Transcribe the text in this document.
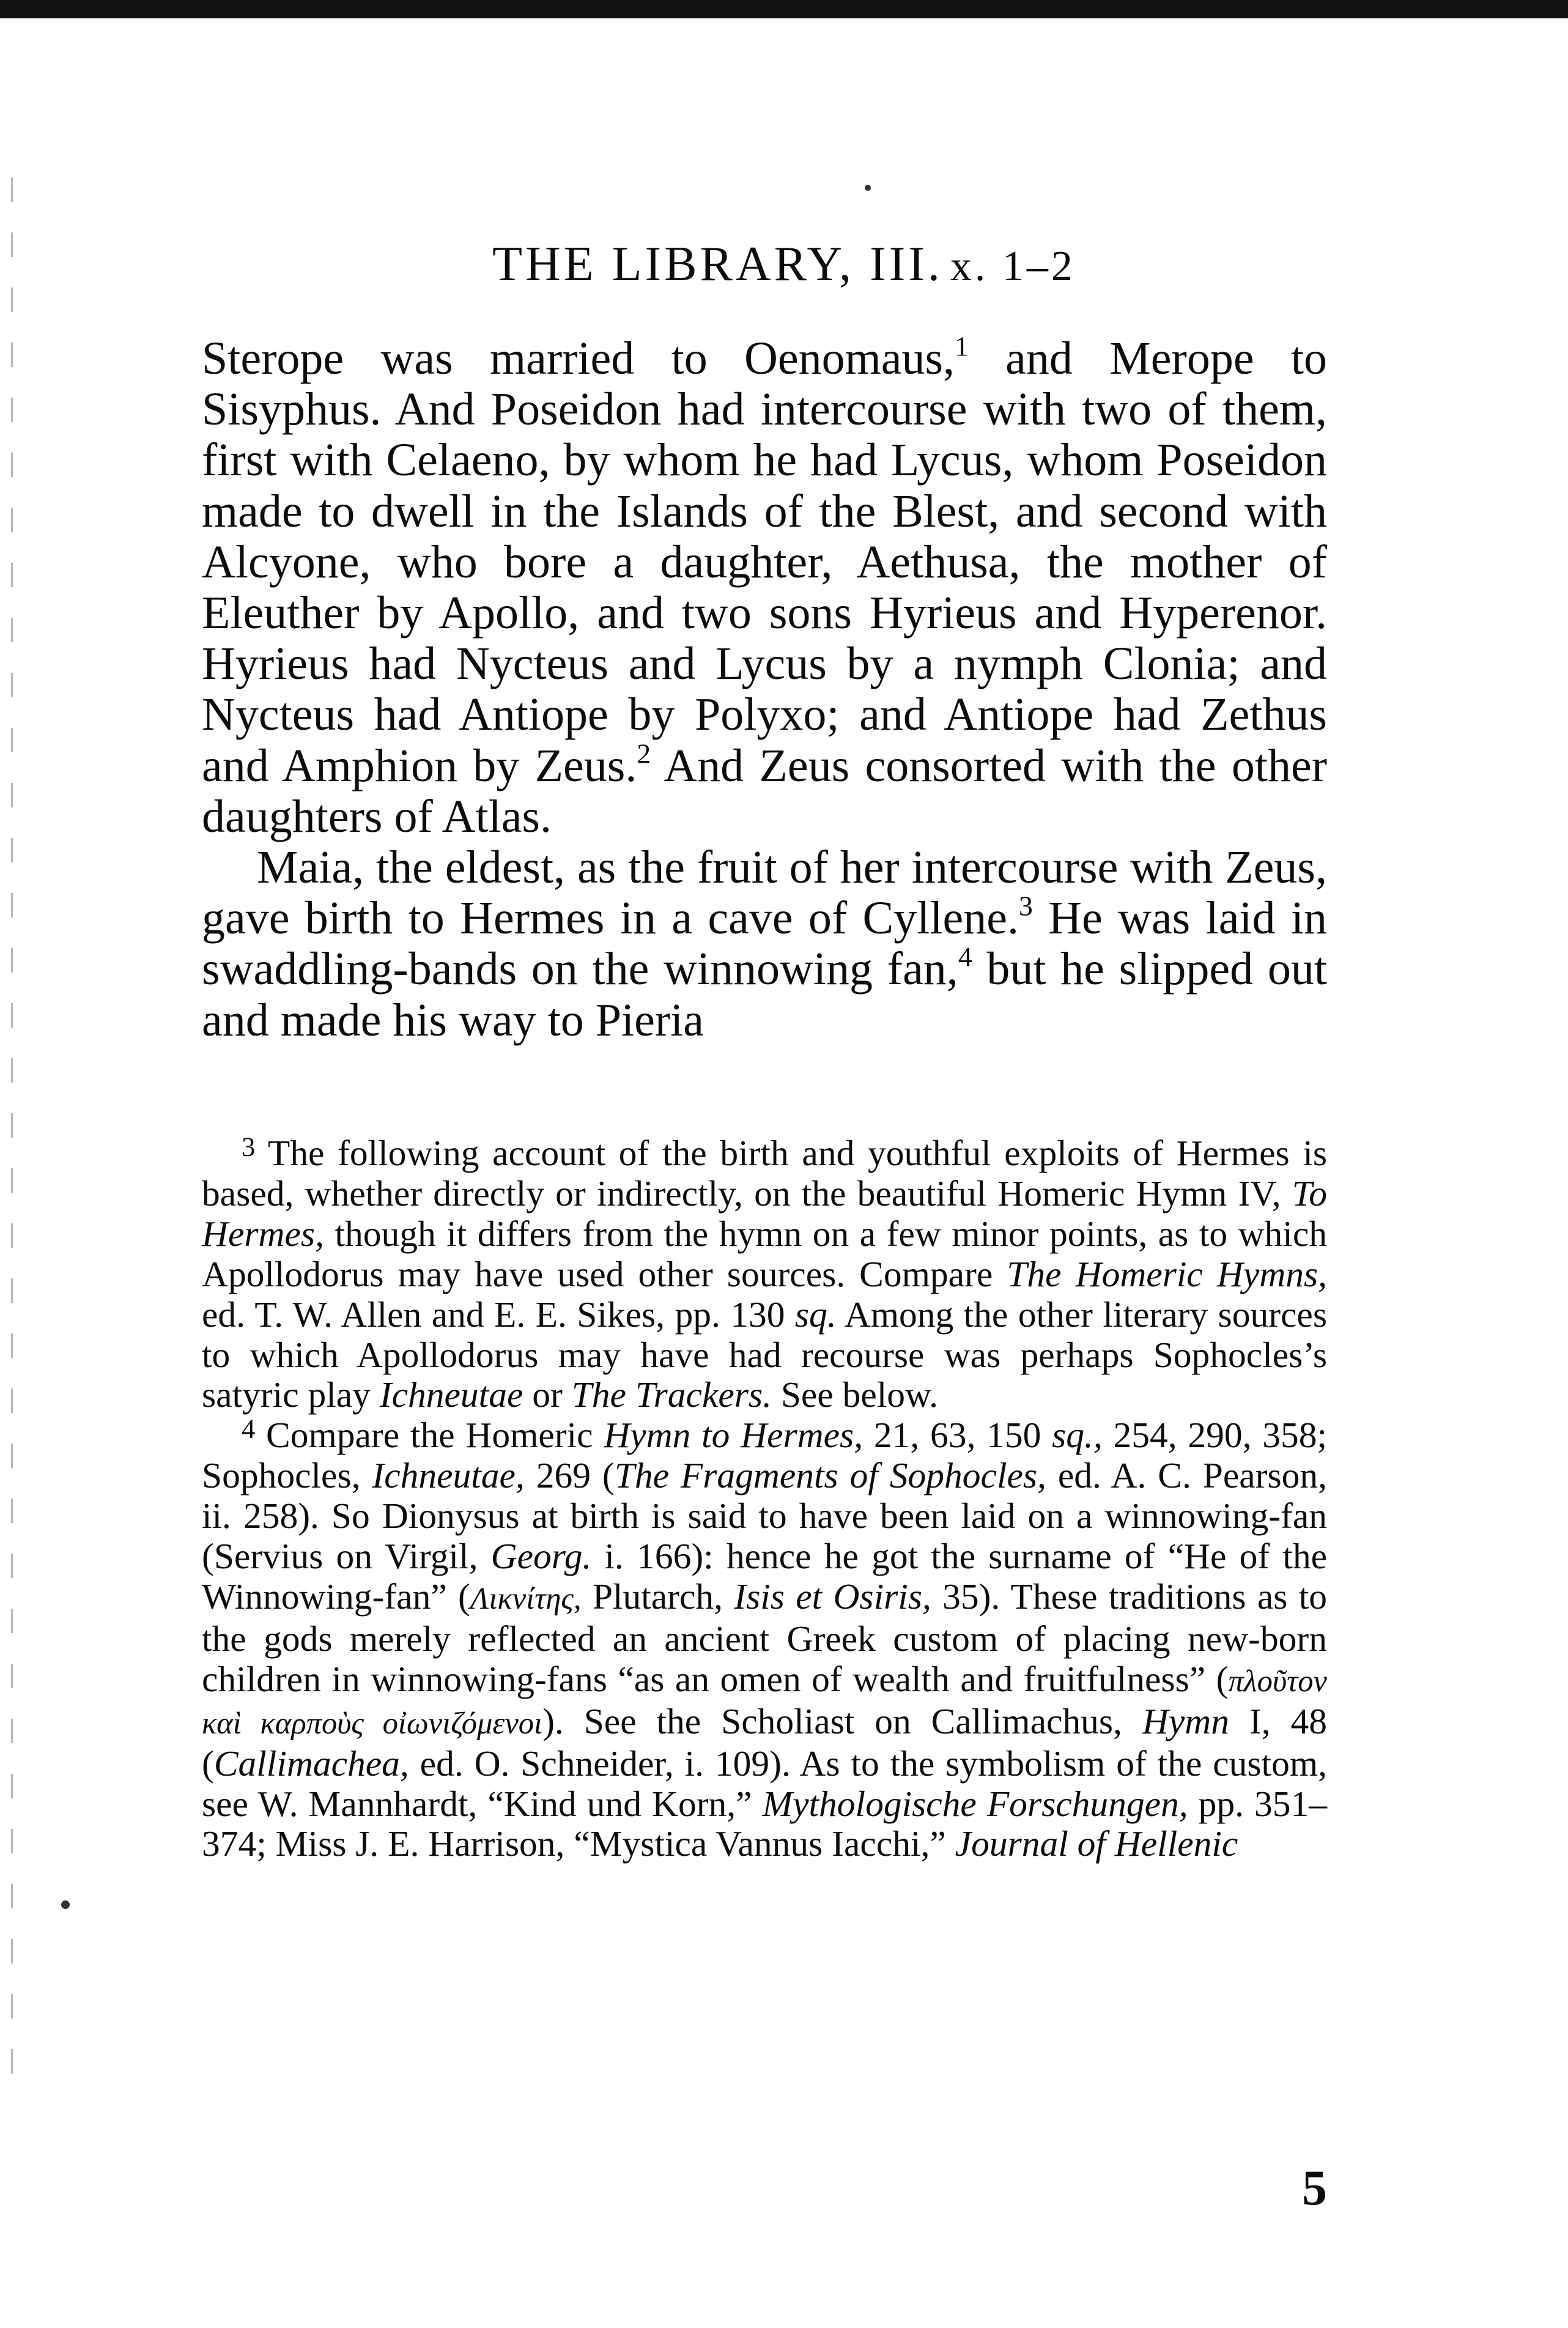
THE LIBRARY, III. x. 1–2

Sterope was married to Oenomaus,$^1$ and Merope to Sisyphus. And Poseidon had intercourse with two of them, first with Celaeno, by whom he had Lycus, whom Poseidon made to dwell in the Islands of the Blest, and second with Alcyone, who bore a daughter, Aethusa, the mother of Eleuther by Apollo, and two sons Hyrieus and Hyperenor. Hyrieus had Nycteus and Lycus by a nymph Clonia; and Nycteus had Antiope by Polyxo; and Antiope had Zethus and Amphion by Zeus.$^2$ And Zeus consorted with the other daughters of Atlas.

Maia, the eldest, as the fruit of her intercourse with Zeus, gave birth to Hermes in a cave of Cyllene.$^3$ He was laid in swaddling-bands on the winnowing fan,$^4$ but he slipped out and made his way to Pieria

$^3$ The following account of the birth and youthful exploits of Hermes is based, whether directly or indirectly, on the beautiful Homeric Hymn IV, To Hermes, though it differs from the hymn on a few minor points, as to which Apollodorus may have used other sources. Compare The Homeric Hymns, ed. T. W. Allen and E. E. Sikes, pp. 130 sq. Among the other literary sources to which Apollodorus may have had recourse was perhaps Sophocles’s satyric play Ichneutae or The Trackers. See below.

$^4$ Compare the Homeric Hymn to Hermes, 21, 63, 150 sq., 254, 290, 358; Sophocles, Ichneutae, 269 (The Fragments of Sophocles, ed. A. C. Pearson, ii. 258). So Dionysus at birth is said to have been laid on a winnowing-fan (Servius on Virgil, Georg. i. 166): hence he got the surname of “He of the Winnowing-fan” (Λικνίτης, Plutarch, Isis et Osiris, 35). These traditions as to the gods merely reflected an ancient Greek custom of placing new-born children in winnowing-fans “as an omen of wealth and fruitfulness” (πλοῦτον καὶ καρποὺς οἰωνιζόμενοι). See the Scholiast on Callimachus, Hymn I, 48 (Callimachea, ed. O. Schneider, i. 109). As to the symbolism of the custom, see W. Mannhardt, “Kind und Korn,” Mythologische Forschungen, pp. 351–374; Miss J. E. Harrison, “Mystica Vannus Iacchi,” Journal of Hellenic

5
